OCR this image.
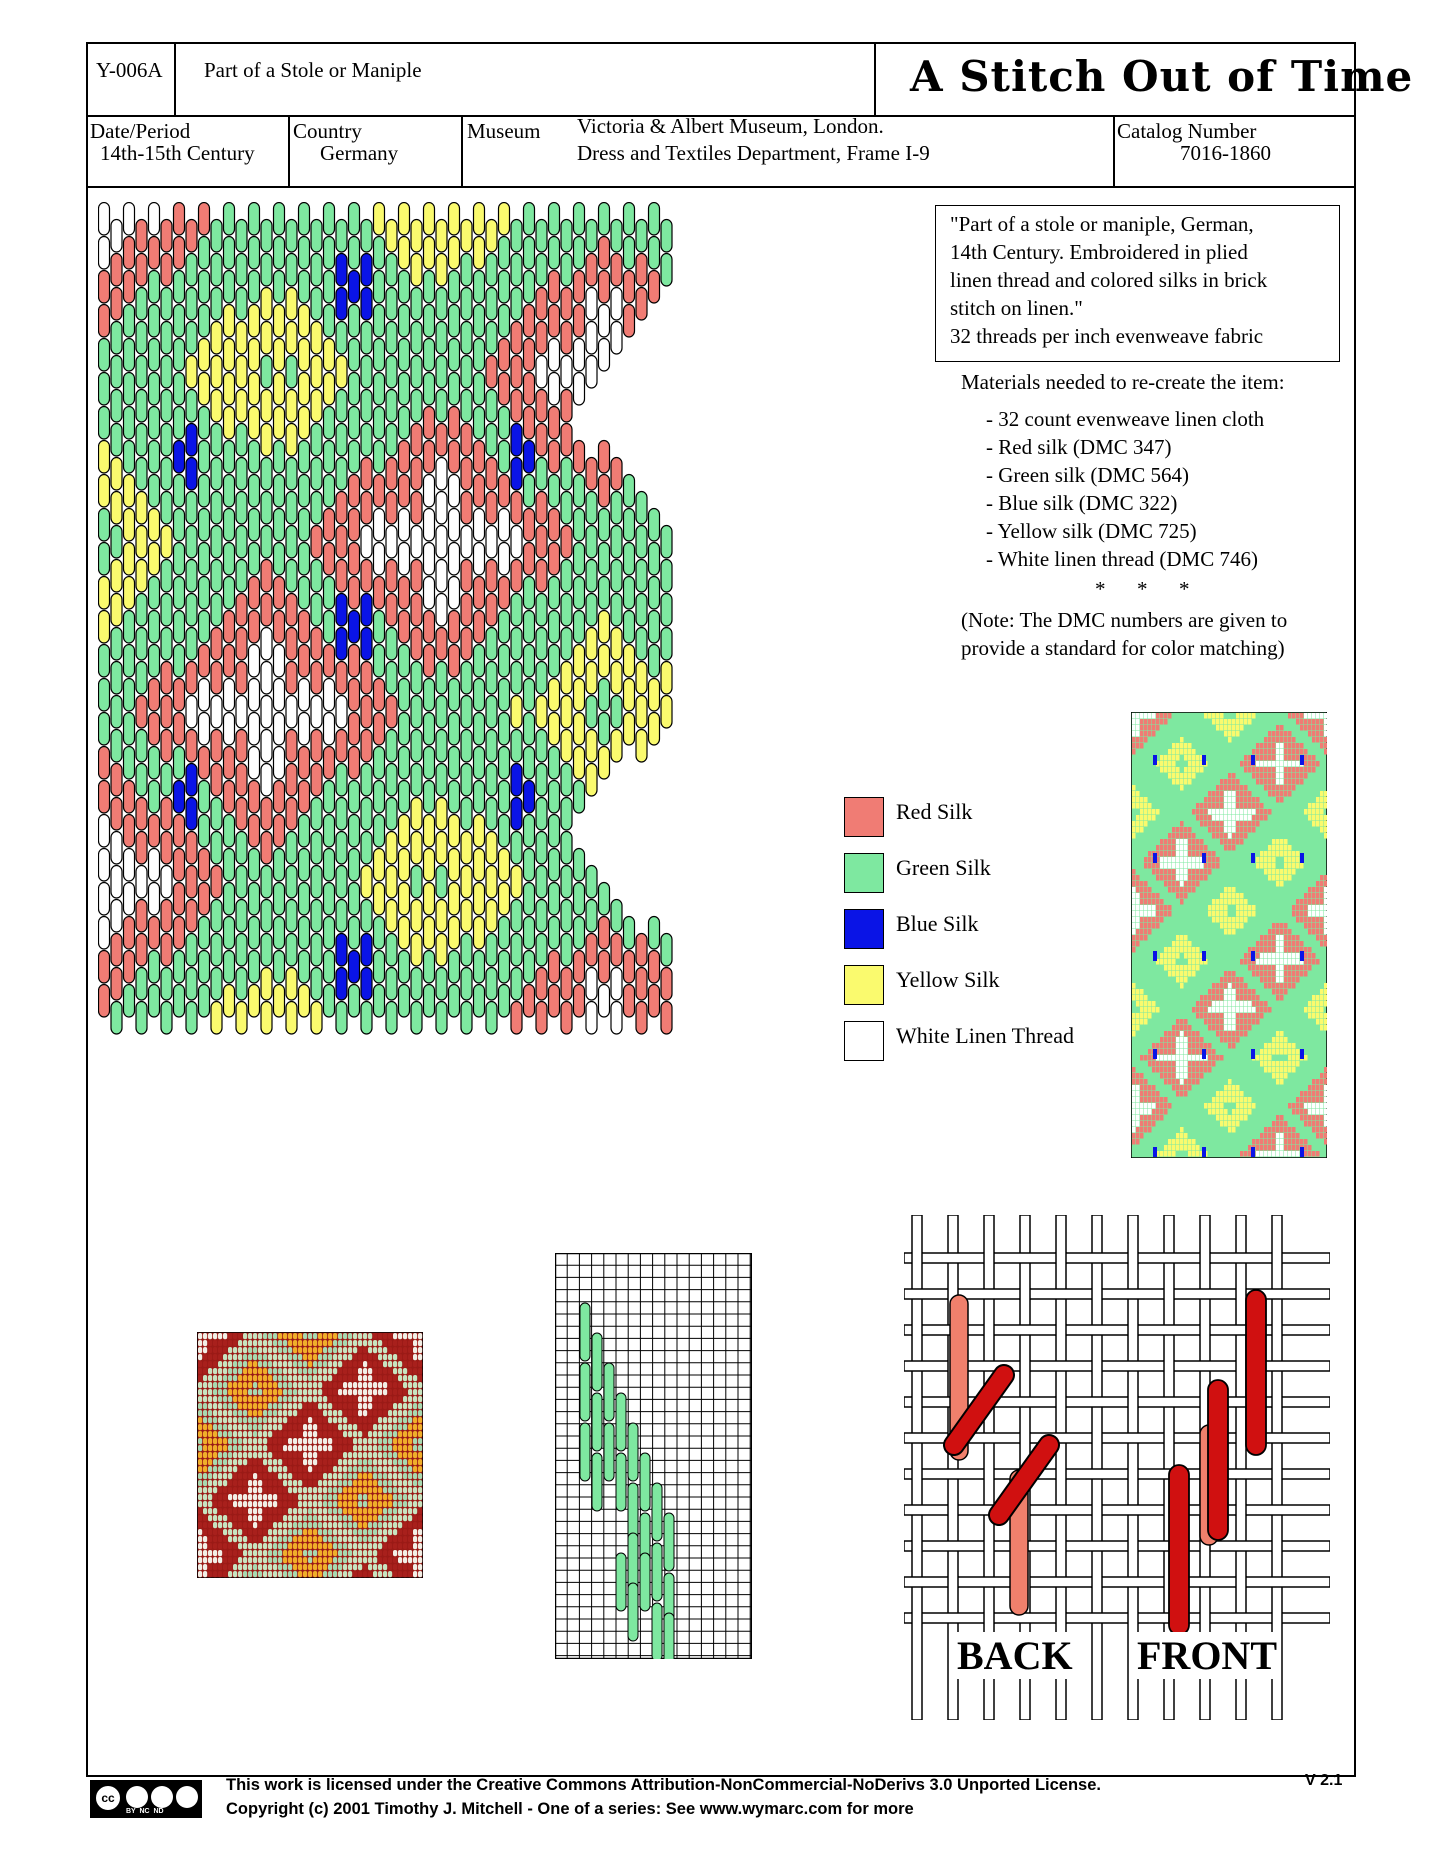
Y-006A Part of a Stole or Maniple	A Stitch Out of Time
Date/Period
14th-15th Century
Country
Germany
Museum Victoria & Albert Museum, London.
Dress and Textiles Department, Frame I-9
Catalog Number
7016-1860
"Part of a stole or maniple, German,
14th Century. Embroidered in plied
linen thread and colored silks in brick
stitch on linen."
32 threads per inch evenweave fabric
Materials needed to re-create the item:
- 32 count evenweave linen cloth
- Red silk (DMC 347)
- Green silk (DMC 564)
- Blue silk (DMC 322)
- Yellow silk (DMC 725)
- White linen thread (DMC 746)
*      *      *
(Note: The DMC numbers are given to
provide a standard for color matching)
Red Silk
Green Silk
Blue Silk
Yellow Silk
White Linen Thread
BACK FRONT
cc
BY  NC  ND
This work is licensed under the Creative Commons Attribution-NonCommercial-NoDerivs 3.0 Unported License.
Copyright (c) 2001 Timothy J. Mitchell - One of a series: See www.wymarc.com for more
V 2.1
